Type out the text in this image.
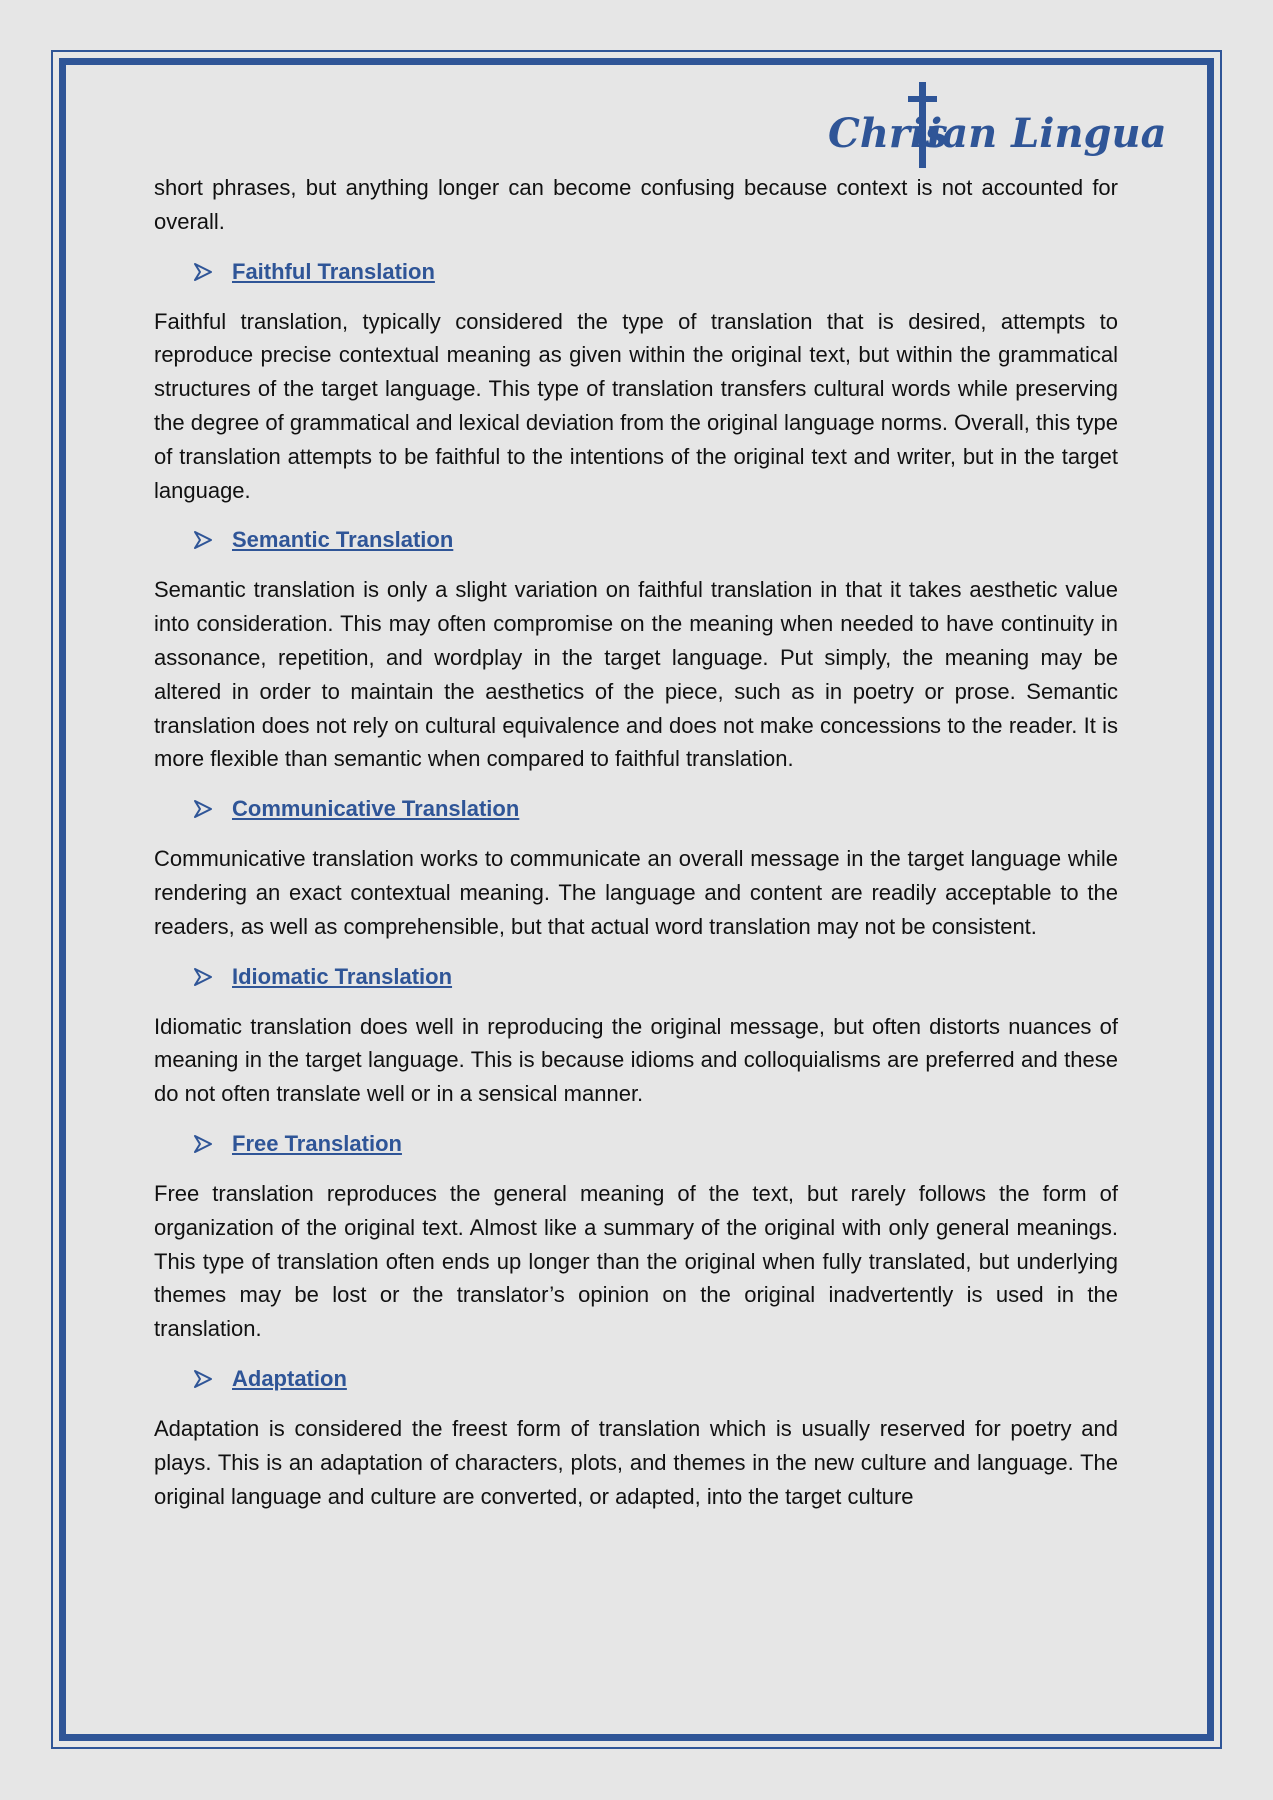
Chris
ian Lingua

short phrases, but anything longer can become confusing because context is not accounted for overall.

Faithful Translation

Faithful translation, typically considered the type of translation that is desired, attempts to reproduce precise contextual meaning as given within the original text, but within the grammatical structures of the target language. This type of translation transfers cultural words while preserving the degree of grammatical and lexical deviation from the original language norms. Overall, this type of translation attempts to be faithful to the intentions of the original text and writer, but in the target language.

Semantic Translation

Semantic translation is only a slight variation on faithful translation in that it takes aesthetic value into consideration. This may often compromise on the meaning when needed to have continuity in assonance, repetition, and wordplay in the target language. Put simply, the meaning may be altered in order to maintain the aesthetics of the piece, such as in poetry or prose. Semantic translation does not rely on cultural equivalence and does not make concessions to the reader. It is more flexible than semantic when compared to faithful translation.

Communicative Translation

Communicative translation works to communicate an overall message in the target language while rendering an exact contextual meaning. The language and content are readily acceptable to the readers, as well as comprehensible, but that actual word translation may not be consistent.

Idiomatic Translation

Idiomatic translation does well in reproducing the original message, but often distorts nuances of meaning in the target language. This is because idioms and colloquialisms are preferred and these do not often translate well or in a sensical manner.

Free Translation

Free translation reproduces the general meaning of the text, but rarely follows the form of organization of the original text. Almost like a summary of the original with only general meanings. This type of translation often ends up longer than the original when fully translated, but underlying themes may be lost or the translator’s opinion on the original inadvertently is used in the translation.

Adaptation

Adaptation is considered the freest form of translation which is usually reserved for poetry and plays. This is an adaptation of characters, plots, and themes in the new culture and language. The original language and culture are converted, or adapted, into the target culture
